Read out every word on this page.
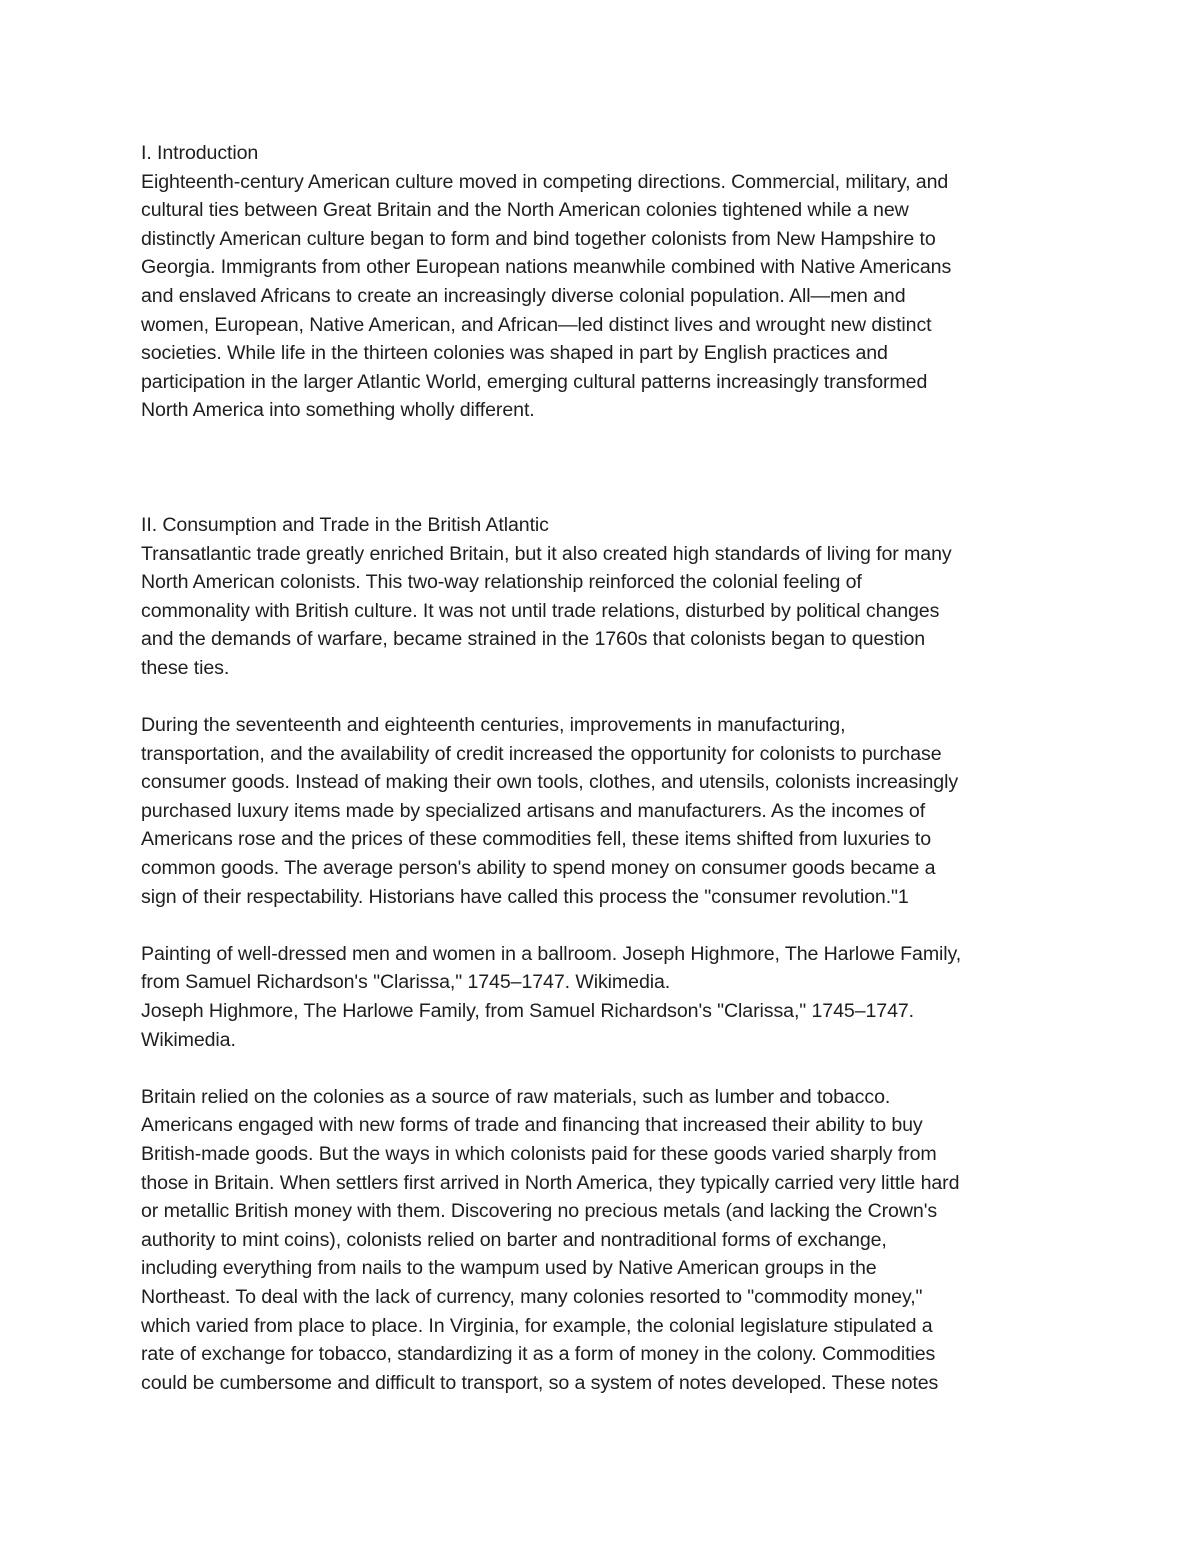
I. Introduction
Eighteenth-century American culture moved in competing directions. Commercial, military, and
cultural ties between Great Britain and the North American colonies tightened while a new
distinctly American culture began to form and bind together colonists from New Hampshire to
Georgia. Immigrants from other European nations meanwhile combined with Native Americans
and enslaved Africans to create an increasingly diverse colonial population. All—men and
women, European, Native American, and African—led distinct lives and wrought new distinct
societies. While life in the thirteen colonies was shaped in part by English practices and
participation in the larger Atlantic World, emerging cultural patterns increasingly transformed
North America into something wholly different.
II. Consumption and Trade in the British Atlantic
Transatlantic trade greatly enriched Britain, but it also created high standards of living for many
North American colonists. This two-way relationship reinforced the colonial feeling of
commonality with British culture. It was not until trade relations, disturbed by political changes
and the demands of warfare, became strained in the 1760s that colonists began to question
these ties.
During the seventeenth and eighteenth centuries, improvements in manufacturing,
transportation, and the availability of credit increased the opportunity for colonists to purchase
consumer goods. Instead of making their own tools, clothes, and utensils, colonists increasingly
purchased luxury items made by specialized artisans and manufacturers. As the incomes of
Americans rose and the prices of these commodities fell, these items shifted from luxuries to
common goods. The average person's ability to spend money on consumer goods became a
sign of their respectability. Historians have called this process the "consumer revolution."1
Painting of well-dressed men and women in a ballroom. Joseph Highmore, The Harlowe Family,
from Samuel Richardson's "Clarissa," 1745–1747. Wikimedia.
Joseph Highmore, The Harlowe Family, from Samuel Richardson's "Clarissa," 1745–1747.
Wikimedia.
Britain relied on the colonies as a source of raw materials, such as lumber and tobacco.
Americans engaged with new forms of trade and financing that increased their ability to buy
British-made goods. But the ways in which colonists paid for these goods varied sharply from
those in Britain. When settlers first arrived in North America, they typically carried very little hard
or metallic British money with them. Discovering no precious metals (and lacking the Crown's
authority to mint coins), colonists relied on barter and nontraditional forms of exchange,
including everything from nails to the wampum used by Native American groups in the
Northeast. To deal with the lack of currency, many colonies resorted to "commodity money,"
which varied from place to place. In Virginia, for example, the colonial legislature stipulated a
rate of exchange for tobacco, standardizing it as a form of money in the colony. Commodities
could be cumbersome and difficult to transport, so a system of notes developed. These notes
